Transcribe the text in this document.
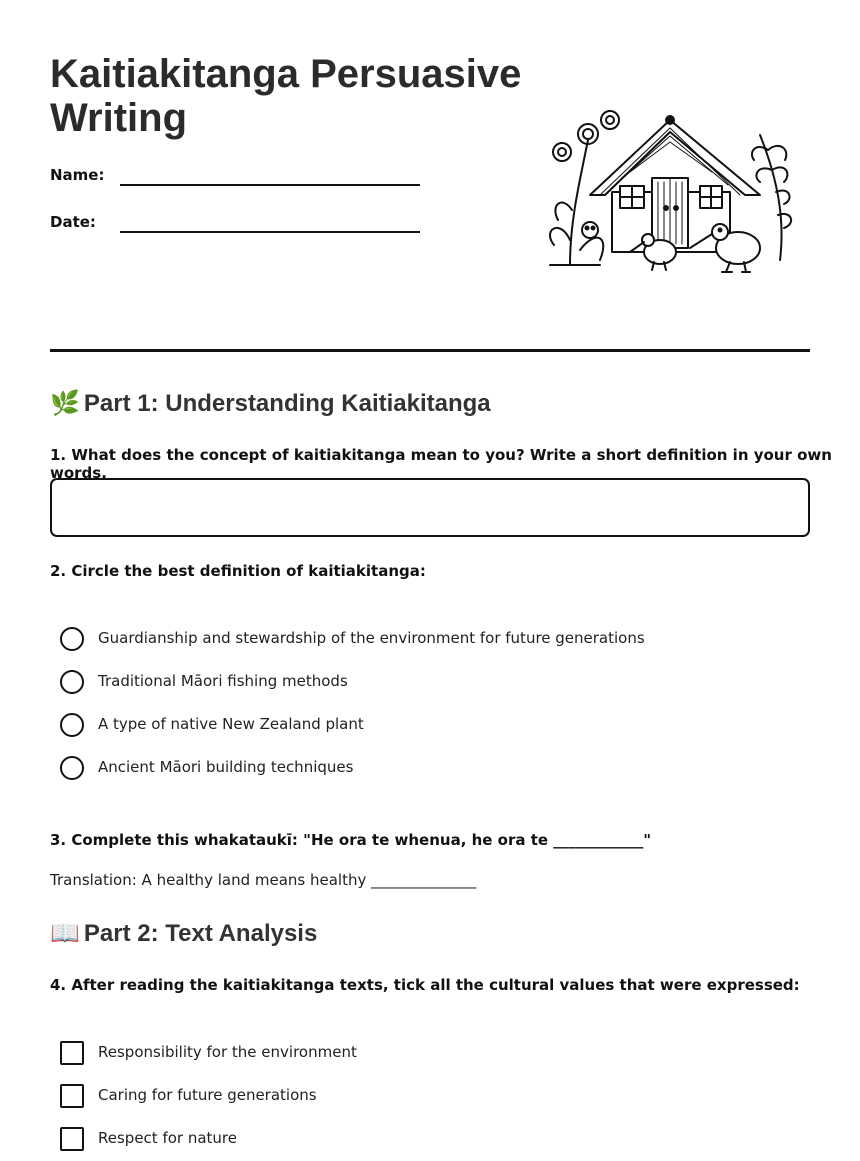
Kaitiakitanga Persuasive Writing
Name:
Date:
🌿 Part 1: Understanding Kaitiakitanga
1. What does the concept of kaitiakitanga mean to you? Write a short definition in your own words.
2. Circle the best definition of kaitiakitanga:
Guardianship and stewardship of the environment for future generations
Traditional Māori fishing methods
A type of native New Zealand plant
Ancient Māori building techniques
3. Complete this whakataukī: "He ora te whenua, he ora te ____________"
Translation: A healthy land means healthy ______________
📖 Part 2: Text Analysis
4. After reading the kaitiakitanga texts, tick all the cultural values that were expressed:
Responsibility for the environment
Caring for future generations
Respect for nature
